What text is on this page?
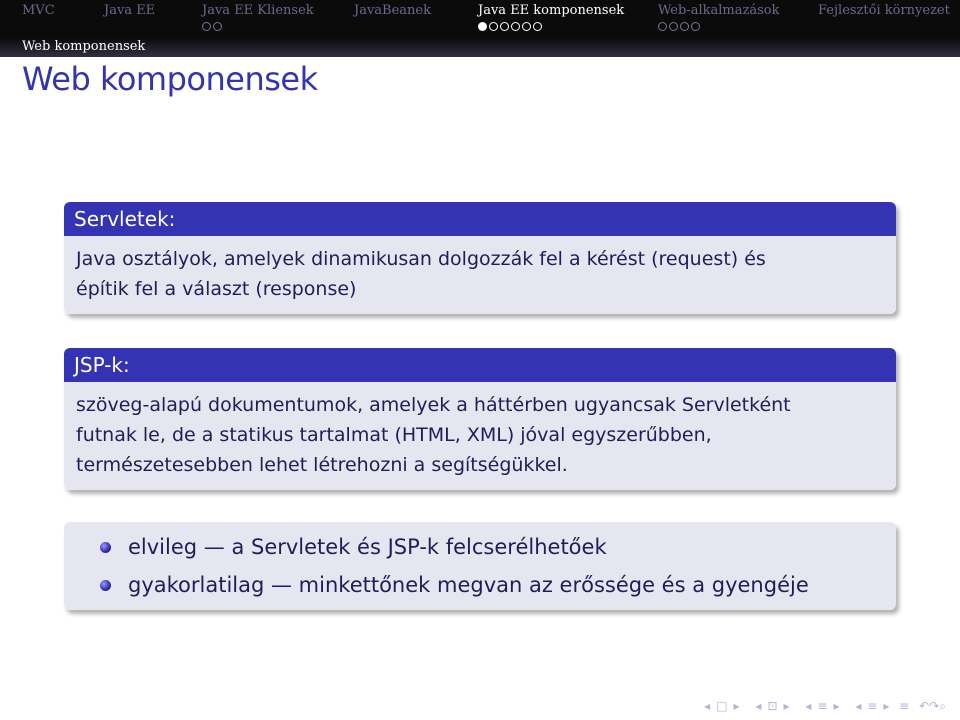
MVC	Java EE	Java EE Kliensek	JavaBeanek	Java EE komponensek	Web-alkalmazások	Fejlesztői környezet
Web komponensek
Web komponensek
Servletek:
Java osztályok, amelyek dinamikusan dolgozzák fel a kérést (request) és
építik fel a választ (response)
JSP-k:
szöveg-alapú dokumentumok, amelyek a háttérben ugyancsak Servletként
futnak le, de a statikus tartalmat (HTML, XML) jóval egyszerűbben,
természetesebben lehet létrehozni a segítségükkel.
elvileg — a Servletek és JSP-k felcserélhetőek
gyakorlatilag — minkettőnek megvan az erőssége és a gyengéje
◂ □ ▸ ◂ ⊡ ▸ ◂ ≡ ▸ ◂ ≡ ▸ ≡ ↶↷⌕
